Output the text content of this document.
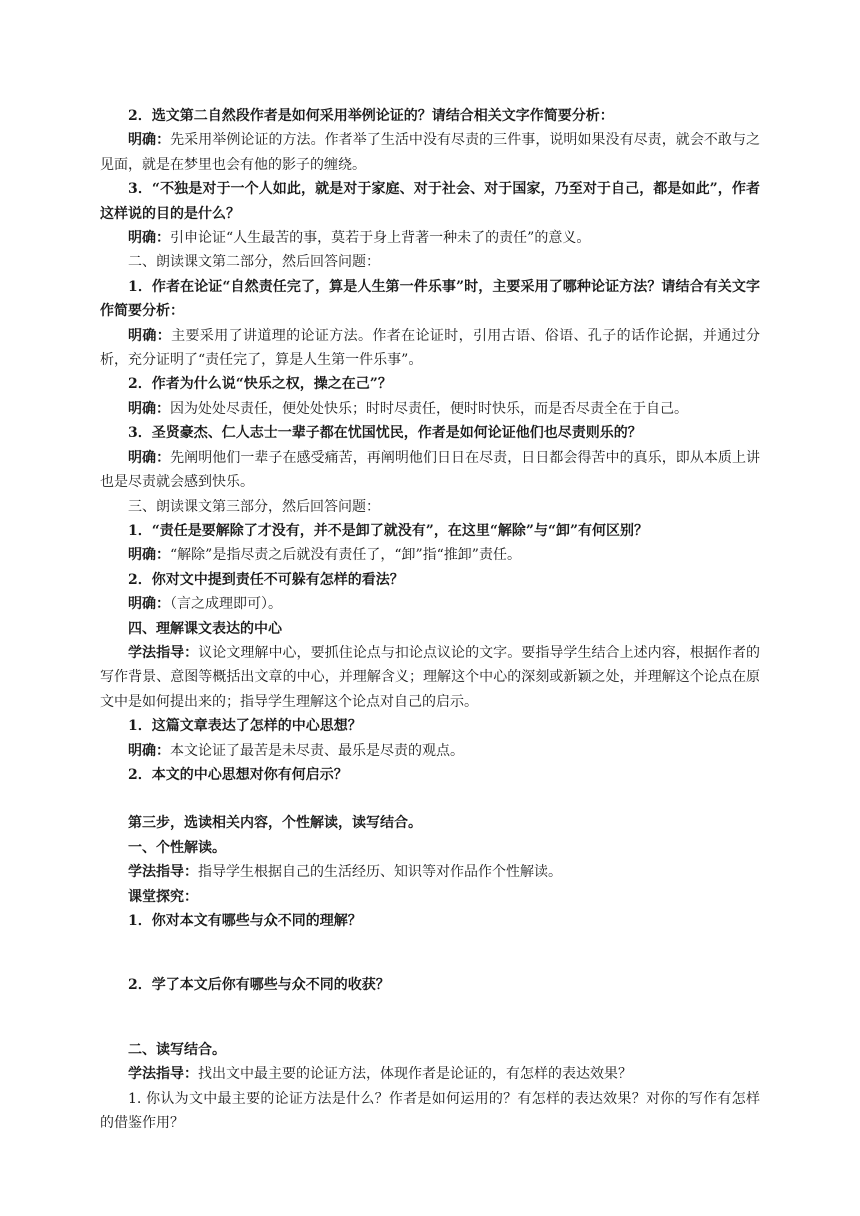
2．选文第二自然段作者是如何采用举例论证的？请结合相关文字作简要分析：

明确：先采用举例论证的方法。作者举了生活中没有尽责的三件事，说明如果没有尽责，就会不敢与之见面，就是在梦里也会有他的影子的缠绕。

3．“不独是对于一个人如此，就是对于家庭、对于社会、对于国家，乃至对于自己，都是如此”，作者这样说的目的是什么？

明确：引申论证“人生最苦的事，莫若于身上背著一种未了的责任”的意义。

二、朗读课文第二部分，然后回答问题：

1．作者在论证“自然责任完了，算是人生第一件乐事”时，主要采用了哪种论证方法？请结合有关文字作简要分析：

明确：主要采用了讲道理的论证方法。作者在论证时，引用古语、俗语、孔子的话作论据，并通过分析，充分证明了“责任完了，算是人生第一件乐事”。

2．作者为什么说“快乐之权，操之在己”？

明确：因为处处尽责任，便处处快乐；时时尽责任，便时时快乐，而是否尽责全在于自己。

3．圣贤豪杰、仁人志士一辈子都在忧国忧民，作者是如何论证他们也尽责则乐的？

明确：先阐明他们一辈子在感受痛苦，再阐明他们日日在尽责，日日都会得苦中的真乐，即从本质上讲也是尽责就会感到快乐。

三、朗读课文第三部分，然后回答问题：

1．“责任是要解除了才没有，并不是卸了就没有”，在这里“解除”与“卸”有何区别？

明确：“解除”是指尽责之后就没有责任了，“卸”指“推卸”责任。

2．你对文中提到责任不可躲有怎样的看法？

明确：（言之成理即可）。

四、理解课文表达的中心

学法指导：议论文理解中心，要抓住论点与扣论点议论的文字。要指导学生结合上述内容，根据作者的写作背景、意图等概括出文章的中心，并理解含义；理解这个中心的深刻或新颖之处，并理解这个论点在原文中是如何提出来的；指导学生理解这个论点对自己的启示。

1．这篇文章表达了怎样的中心思想？

明确：本文论证了最苦是未尽责、最乐是尽责的观点。

2．本文的中心思想对你有何启示？

第三步，选读相关内容，个性解读，读写结合。

一、个性解读。

学法指导：指导学生根据自己的生活经历、知识等对作品作个性解读。

课堂探究：

1．你对本文有哪些与众不同的理解？

2．学了本文后你有哪些与众不同的收获？

二、读写结合。

学法指导：找出文中最主要的论证方法，体现作者是论证的，有怎样的表达效果？

1. 你认为文中最主要的论证方法是什么？作者是如何运用的？有怎样的表达效果？对你的写作有怎样的借鉴作用？
